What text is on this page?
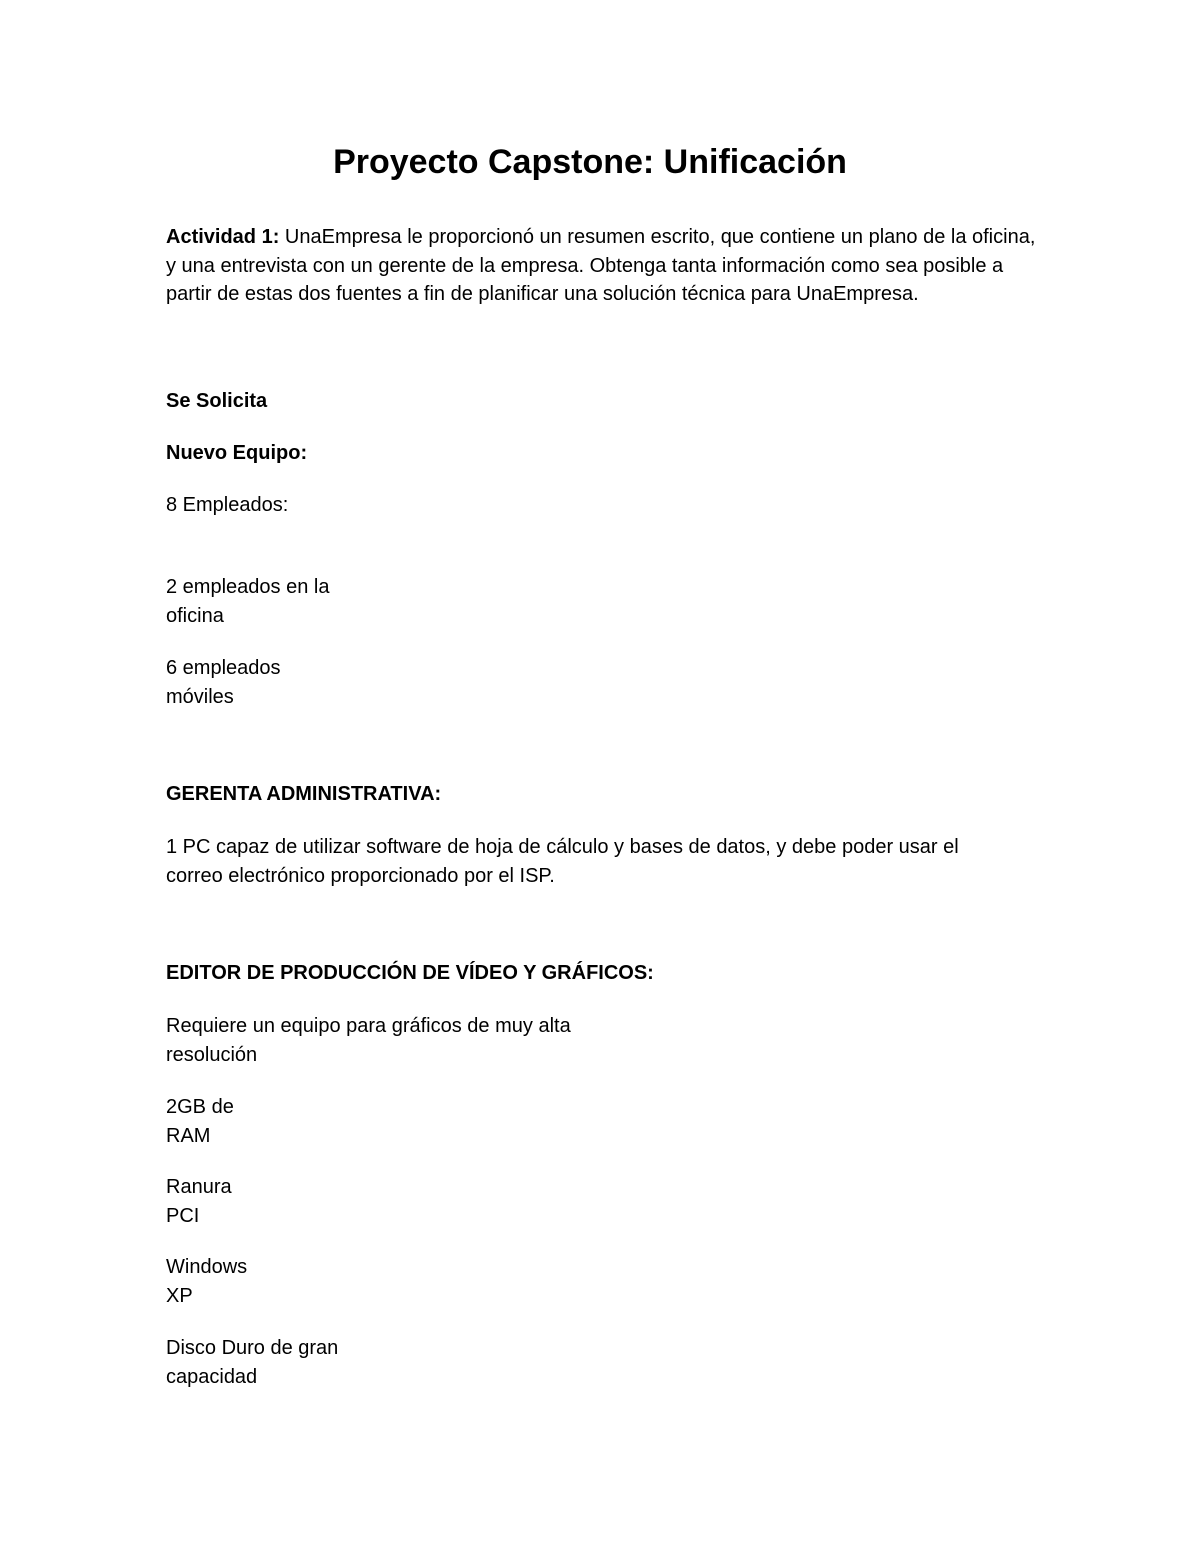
Proyecto Capstone: Unificación

Actividad 1: UnaEmpresa le proporcionó un resumen escrito, que contiene un plano de la oficina, y una entrevista con un gerente de la empresa. Obtenga tanta información como sea posible a partir de estas dos fuentes a fin de planificar una solución técnica para UnaEmpresa.

Se Solicita

Nuevo Equipo:

8 Empleados:

2 empleados en la oficina

6 empleados móviles

GERENTA ADMINISTRATIVA:

1 PC capaz de utilizar software de hoja de cálculo y bases de datos, y debe poder usar el correo electrónico proporcionado por el ISP.

EDITOR DE PRODUCCIÓN DE VÍDEO Y GRÁFICOS:

Requiere un equipo para gráficos de muy alta resolución

2GB de RAM

Ranura PCI

Windows XP

Disco Duro de gran capacidad
